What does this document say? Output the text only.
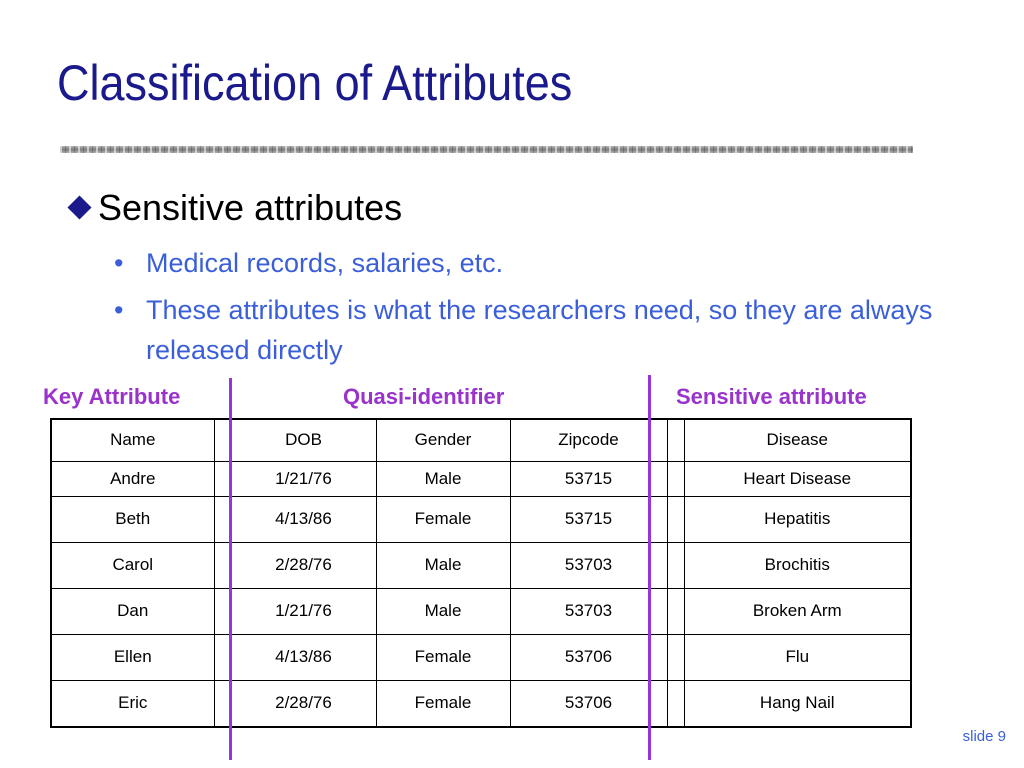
Classification of Attributes
Sensitive attributes
• Medical records, salaries, etc.
• These attributes is what the researchers need, so they are always released directly
Key Attribute	Quasi-identifier	Sensitive attribute
Name		DOB	Gender	Zipcode		Disease
Andre		1/21/76	Male	53715		Heart Disease
Beth		4/13/86	Female	53715		Hepatitis
Carol		2/28/76	Male	53703		Brochitis
Dan		1/21/76	Male	53703		Broken Arm
Ellen		4/13/86	Female	53706		Flu
Eric		2/28/76	Female	53706		Hang Nail
slide 9
